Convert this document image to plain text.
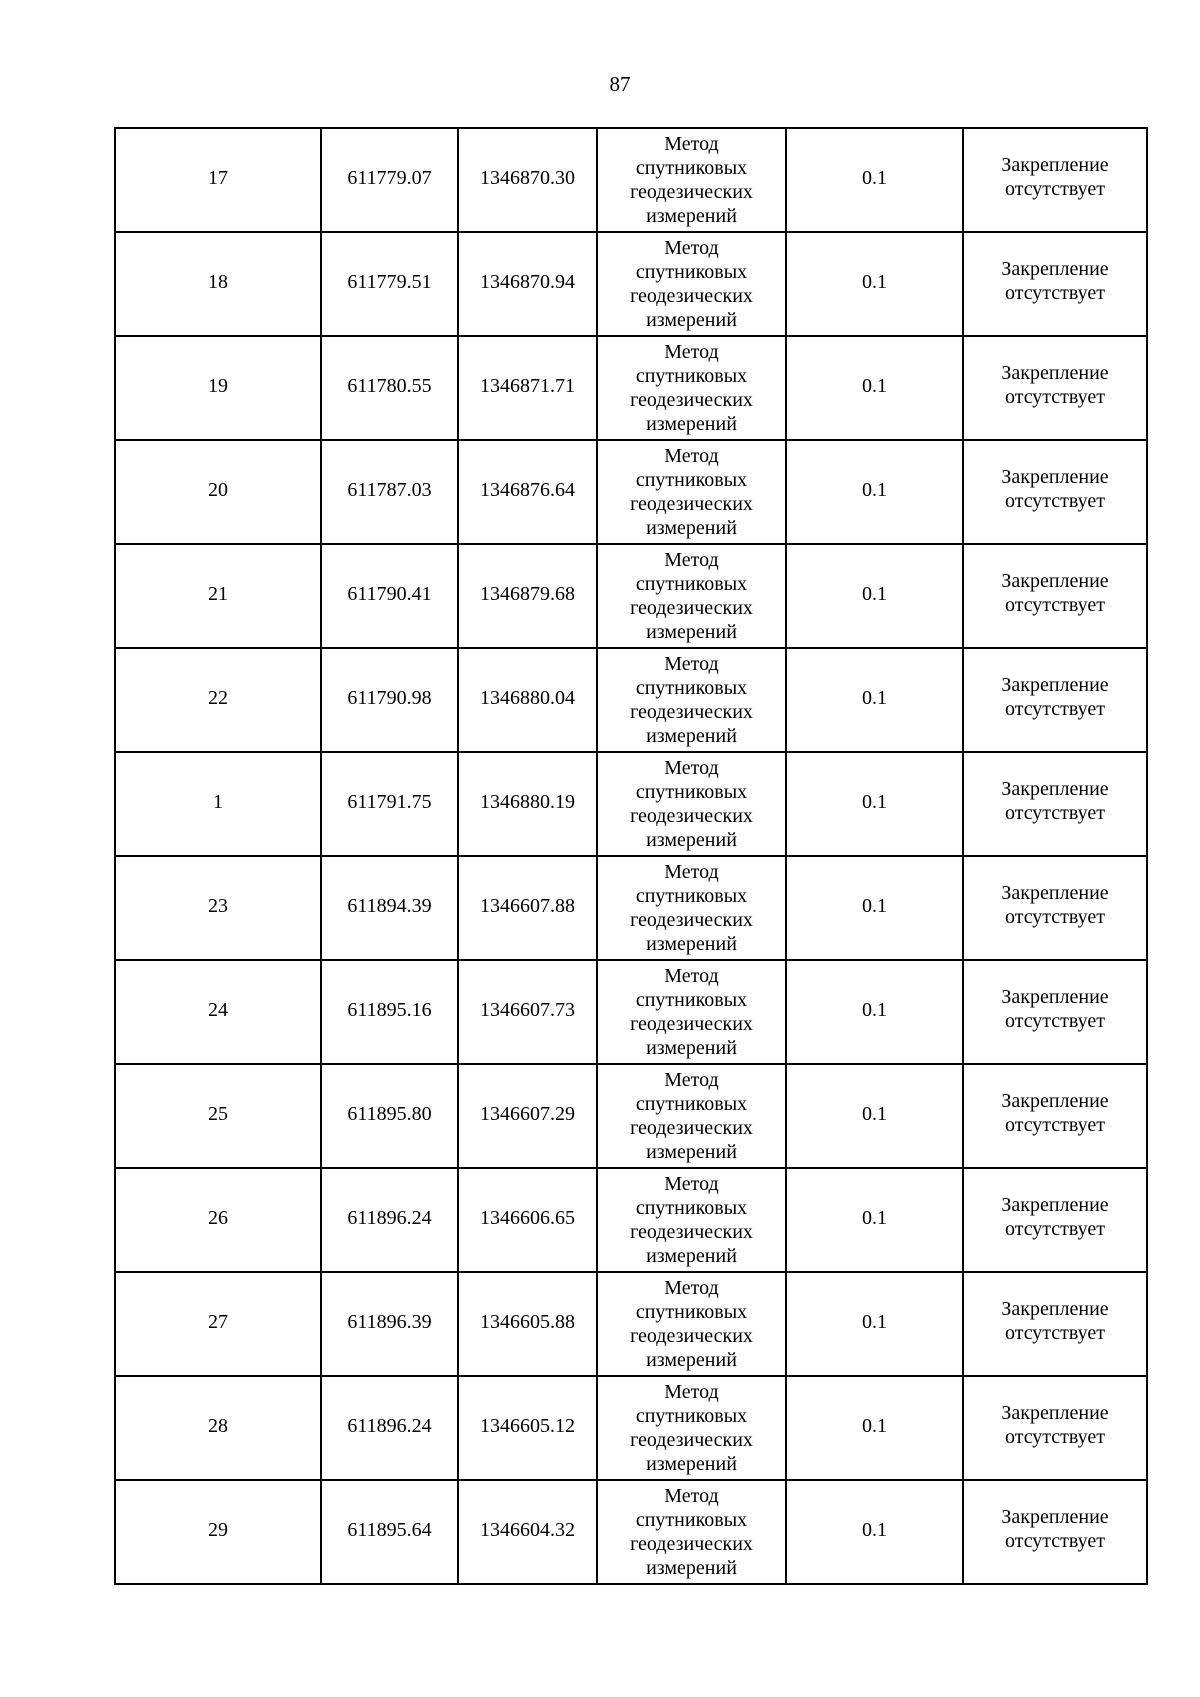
87
17	611779.07	1346870.30	Метод
спутниковых
геодезических
измерений	0.1	Закрепление
отсутствует
18	611779.51	1346870.94	Метод
спутниковых
геодезических
измерений	0.1	Закрепление
отсутствует
19	611780.55	1346871.71	Метод
спутниковых
геодезических
измерений	0.1	Закрепление
отсутствует
20	611787.03	1346876.64	Метод
спутниковых
геодезических
измерений	0.1	Закрепление
отсутствует
21	611790.41	1346879.68	Метод
спутниковых
геодезических
измерений	0.1	Закрепление
отсутствует
22	611790.98	1346880.04	Метод
спутниковых
геодезических
измерений	0.1	Закрепление
отсутствует
1	611791.75	1346880.19	Метод
спутниковых
геодезических
измерений	0.1	Закрепление
отсутствует
23	611894.39	1346607.88	Метод
спутниковых
геодезических
измерений	0.1	Закрепление
отсутствует
24	611895.16	1346607.73	Метод
спутниковых
геодезических
измерений	0.1	Закрепление
отсутствует
25	611895.80	1346607.29	Метод
спутниковых
геодезических
измерений	0.1	Закрепление
отсутствует
26	611896.24	1346606.65	Метод
спутниковых
геодезических
измерений	0.1	Закрепление
отсутствует
27	611896.39	1346605.88	Метод
спутниковых
геодезических
измерений	0.1	Закрепление
отсутствует
28	611896.24	1346605.12	Метод
спутниковых
геодезических
измерений	0.1	Закрепление
отсутствует
29	611895.64	1346604.32	Метод
спутниковых
геодезических
измерений	0.1	Закрепление
отсутствует
